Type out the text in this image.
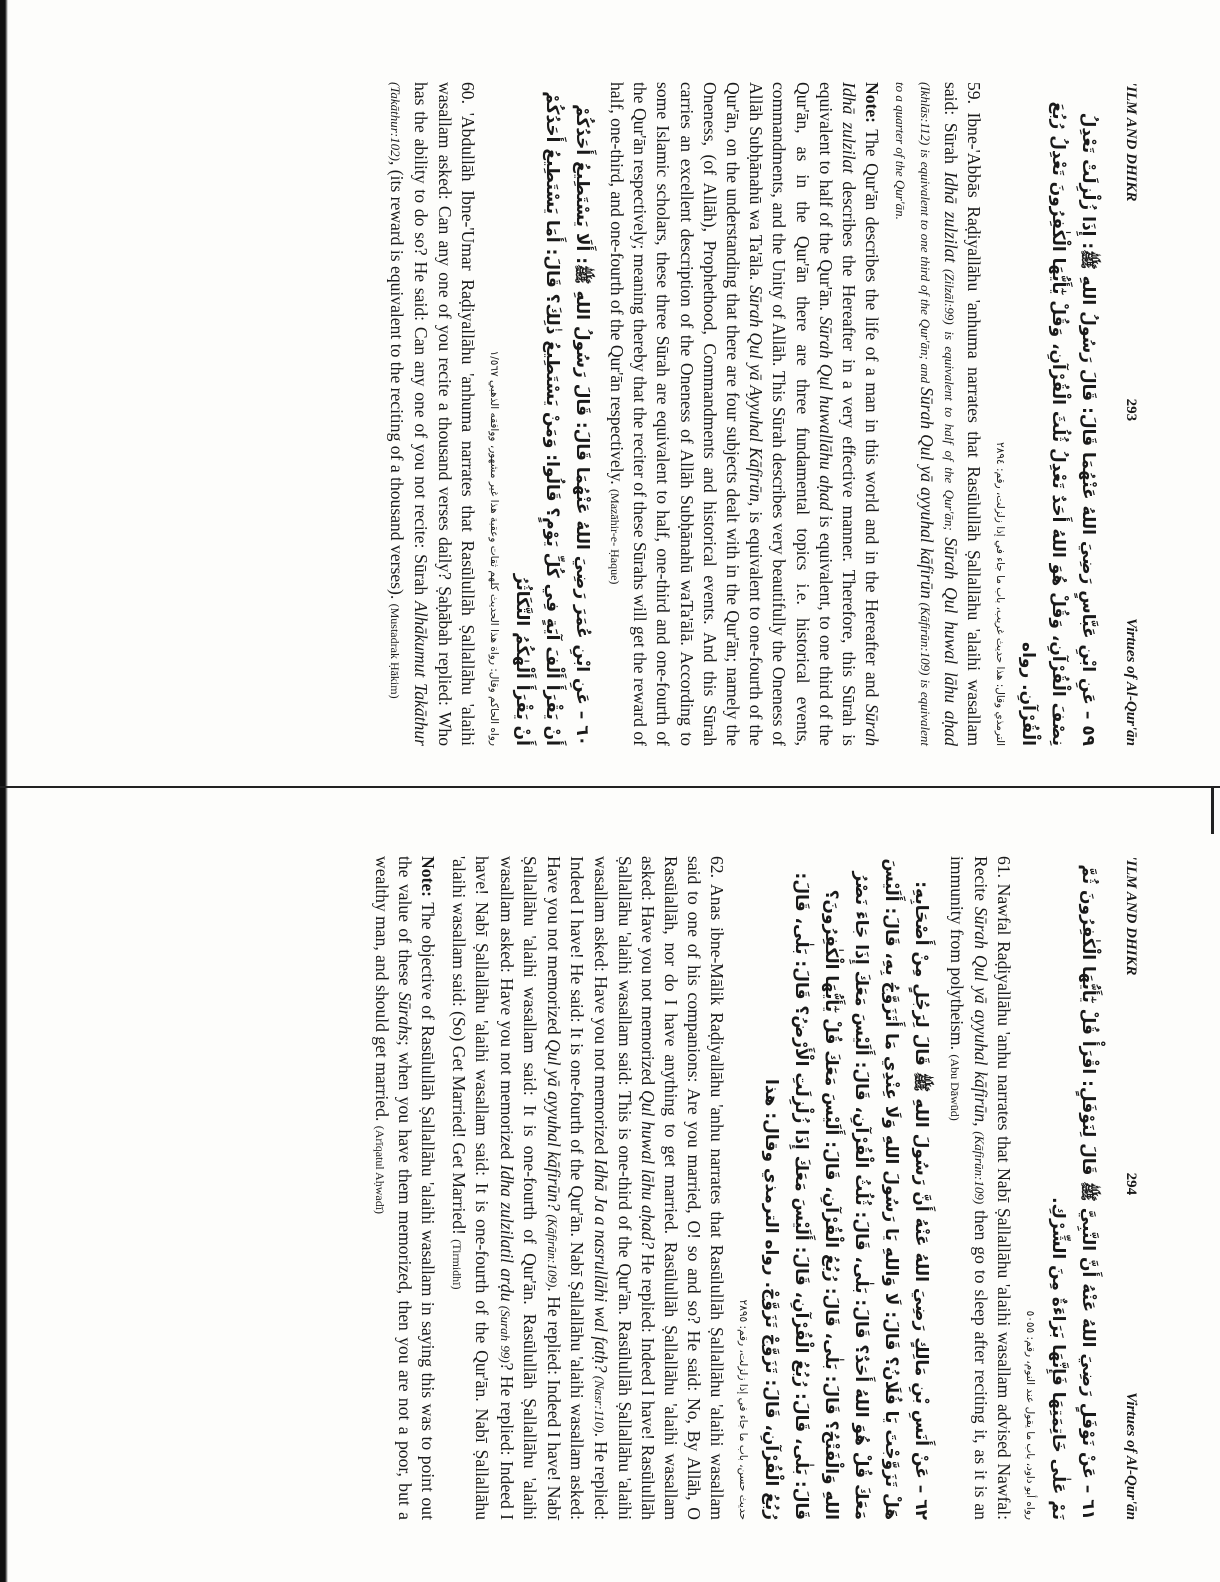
'ILM AND DHIKR
293
Virtues of Al-Qur'ān

٥٩ – عَنِ ابْنِ عَبَّاسٍ رَضِيَ اللهُ عَنْهُمَا قَالَ: قَالَ رَسُولُ اللهِ ﷺ: إِذَا زُلْزِلَتْ تَعْدِلُ نِصْفَ الْقُرْآنِ، وَقُلْ هُوَ اللهُ أَحَدٌ تَعْدِلُ ثُلُثَ الْقُرْآنِ، وَقُلْ يٰٓأَيُّهَا الْكٰفِرُونَ تَعْدِلُ رُبُعَ الْقُرْآنِ. رواه

الترمذي وقال: هذا حديث غريب، باب ما جاء في إذا زلزلت، رقم: ٢٨٩٤

59. Ibne-'Abbās Raḍiyallāhu 'anhuma narrates that Rasūlullāh Ṣallallāhu 'alaihi wasallam said: Sūrah Idhā zulzilat (Zilzāl:99) is equivalent to half of the Qur'ān; Sūrah Qul huwal lāhu aḥad (Ikhlās:112) is equivalent to one third of the Qur'ān; and Sūrah Qul yā ayyuhal kāfirūn (Kāfirūn:109) is equivalent to a quarter of the Qur'ān.

Note: The Qur'ān describes the life of a man in this world and in the Hereafter and Sūrah Idhā zulzilat describes the Hereafter in a very effective manner. Therefore, this Sūrah is equivalent to half of the Qur'ān. Sūrah Qul huwallāhu aḥad is equivalent, to one third of the Qur'ān, as in the Qur'ān there are three fundamental topics i.e. historical events, commandments, and the Unity of Allāh. This Sūrah describes very beautifully the Oneness of Allāh Subḥānahū wa Ta'āla. Sūrah Qul yā Ayyuhal Kāfirūn, is equivalent to one-fourth of the Qur'ān, on the understanding that there are four subjects dealt with in the Qur'ān; namely the Oneness, (of Allāh), Prophethood, Commandments and historical events. And this Sūrah carries an excellent description of the Oneness of Allāh Subḥānahū waTa'ālā. According to some Islamic scholars, these three Sūrah are equivalent to half, one-third and one-fourth of the Qur'ān respectively; meaning thereby that the reciter of these Sūrahs will get the reward of half, one-third, and one-fourth of the Qur'ān respectively. (Mazāhir-e- Ḥaque)

٦٠ – عَنِ ابْنِ عُمَرَ رَضِيَ اللهُ عَنْهُمَا قَالَ: قَالَ رَسُولُ اللهِ ﷺ: أَلَا يَسْتَطِيعُ أَحَدُكُمْ أَنْ يَقْرَأَ أَلْفَ آيَةٍ فِي كُلِّ يَوْمٍ؟ قَالُوا: وَمَنْ يَسْتَطِيعُ ذٰلِكَ؟ قَالَ: أَمَا يَسْتَطِيعُ أَحَدُكُمْ أَنْ يَقْرَأَ أَلْهٰكُمُ التَّكَاثُرُ

رواه الحاكم وقال: رواة هذا الحديث كلهم ثقات وعقبة هذا غير مشهور، ووافقه الذهبي ١/٥٦٧

60. 'Abdullāh Ibne-'Umar Raḍiyallāhu 'anhuma narrates that Rasūlullāh Ṣallallāhu 'alaihi wasallam asked: Can any one of you recite a thousand verses daily? Ṣaḥābah replied: Who has the ability to do so? He said: Can any one of you not recite: Sūrah Alhākumut Takāthur (Takāthur:102), (its reward is equivalent to the reciting of a thousand verses). (Mustadrak Ḥākim)

'ILM AND DHIKR
294
Virtues of Al-Qur'ān

٦١ – عَنْ نَوْفَلٍ رَضِيَ اللهُ عَنْهُ أَنَّ النَّبِيَّ ﷺ قَالَ لِنَوْفَلٍ: اقْرَأْ قُلْ يٰٓأَيُّهَا الْكٰفِرُونَ ثُمَّ نَمْ عَلٰى خَاتِمَتِهَا فَإِنَّهَا بَرَاءَةٌ مِنَ الشِّرْكِ.

رواه أبو داود، باب ما يقول عند النوم، رقم: ٥٠٥٥

61. Nawfal Raḍiyallāhu 'anhu narrates that Nabī Ṣallallāhu 'alaihi wasallam advised Nawfal: Recite Sūrah Qul yā ayyuhal kāfirūn, (Kāfirūn:109) then go to sleep after reciting it, as it is an immunity from polytheism. (Abu Dāwūd)

٦٢ – عَنْ أَنَسِ بْنِ مَالِكٍ رَضِيَ اللهُ عَنْهُ أَنَّ رَسُولَ اللهِ ﷺ قَالَ لِرَجُلٍ مِنْ أَصْحَابِهِ: هَلْ تَزَوَّجْتَ يَا فُلَانُ؟ قَالَ: لَا وَاللهِ يَا رَسُولَ اللهِ وَلَا عِنْدِي مَا أَتَزَوَّجُ بِهِ، قَالَ: أَلَيْسَ مَعَكَ قُلْ هُوَ اللهُ أَحَدٌ؟ قَالَ: بَلٰى، قَالَ: ثُلُثُ الْقُرْآنِ، قَالَ: أَلَيْسَ مَعَكَ إِذَا جَاءَ نَصْرُ اللهِ وَالْفَتْحُ؟ قَالَ: بَلٰى، قَالَ: رُبُعُ الْقُرْآنِ، قَالَ: أَلَيْسَ مَعَكَ قُلْ يٰٓأَيُّهَا الْكٰفِرُونَ؟ قَالَ: بَلٰى، قَالَ: رُبُعُ الْقُرْآنِ، قَالَ: أَلَيْسَ مَعَكَ إِذَا زُلْزِلَتِ الْأَرْضُ؟ قَالَ: بَلٰى، قَالَ: رُبُعُ الْقُرْآنِ، قَالَ: تَزَوَّجْ تَزَوَّجْ. رواه الترمذي وقال: هذا

حديث حسن، باب ما جاء في إذا زلزلت، رقم: ٢٨٩٥

62. Anas ibne-Mālik Raḍiyallāhu 'anhu narrates that Rasūlullāh Ṣallallāhu 'alaihi wasallam said to one of his companions: Are you married, O! so and so? He said: No, By Allāh, O Rasūlallāh, nor do I have anything to get married. Rasūlullāh Ṣallallāhu 'alaihi wasallam asked: Have you not memorized Qul huwal lāhu aḥad? He replied: Indeed I have! Rasūlullāh Ṣallallāhu 'alaihi wasallam said: This is one-third of the Qur'ān. Rasūlullāh Ṣallallāhu 'alaihi wasallam asked: Have you not memorized Idhā Ja a nasrullāhi wal fatḥ? (Nasr:110). He replied: Indeed I have! He said: It is one-fourth of the Qur'ān. Nabī Ṣallallāhu 'alaihi wasallam asked: Have you not memorized Qul yā ayyuhal kāfirūn? (Kāfirūn:109). He replied: Indeed I have! Nabī Ṣallallāhu 'alaihi wasallam said: It is one-fourth of Qur'ān. Rasūlullāh Ṣallallāhu 'alaihi wasallam asked: Have you not memorized Idha zulzilatil arḍu (Surah 99)? He replied: Indeed I have! Nabī Ṣallallāhu 'alaihi wasallam said: It is one-fourth of the Qur'ān. Nabī Ṣallallāhu 'alaihi wasallam said: (So) Get Married! Get Married! (Tirmidhī)

Note: The objective of Rasūlullāh Ṣallallāhu 'alaihi wasallam in saying this was to point out the value of these Sūrahs; when you have them memorized, then you are not a poor, but a wealthy man, and should get married. (Arīqatul Aḥwadī)
